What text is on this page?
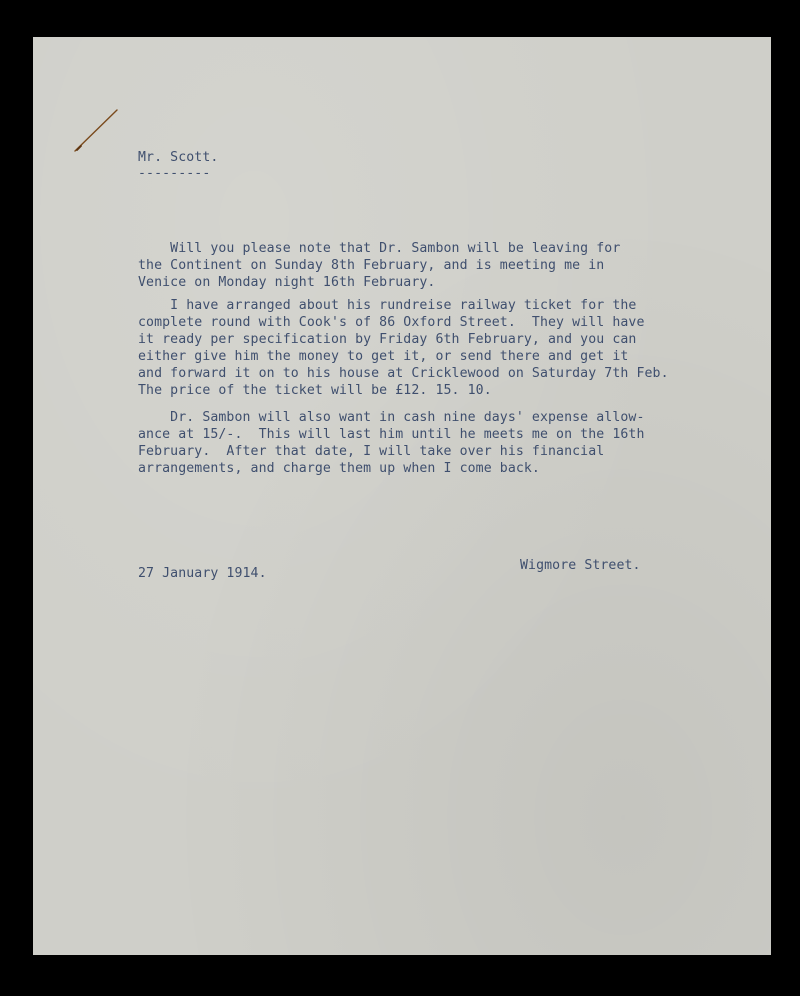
Mr. Scott.
---------
Will you please note that Dr. Sambon will be leaving for
the Continent on Sunday 8th February, and is meeting me in
Venice on Monday night 16th February.
I have arranged about his rundreise railway ticket for the
complete round with Cook's of 86 Oxford Street.  They will have
it ready per specification by Friday 6th February, and you can
either give him the money to get it, or send there and get it
and forward it on to his house at Cricklewood on Saturday 7th Feb.
The price of the ticket will be £12. 15. 10.
Dr. Sambon will also want in cash nine days' expense allow-
ance at 15/-.  This will last him until he meets me on the 16th
February.  After that date, I will take over his financial
arrangements, and charge them up when I come back.
27 January 1914.
Wigmore Street.
